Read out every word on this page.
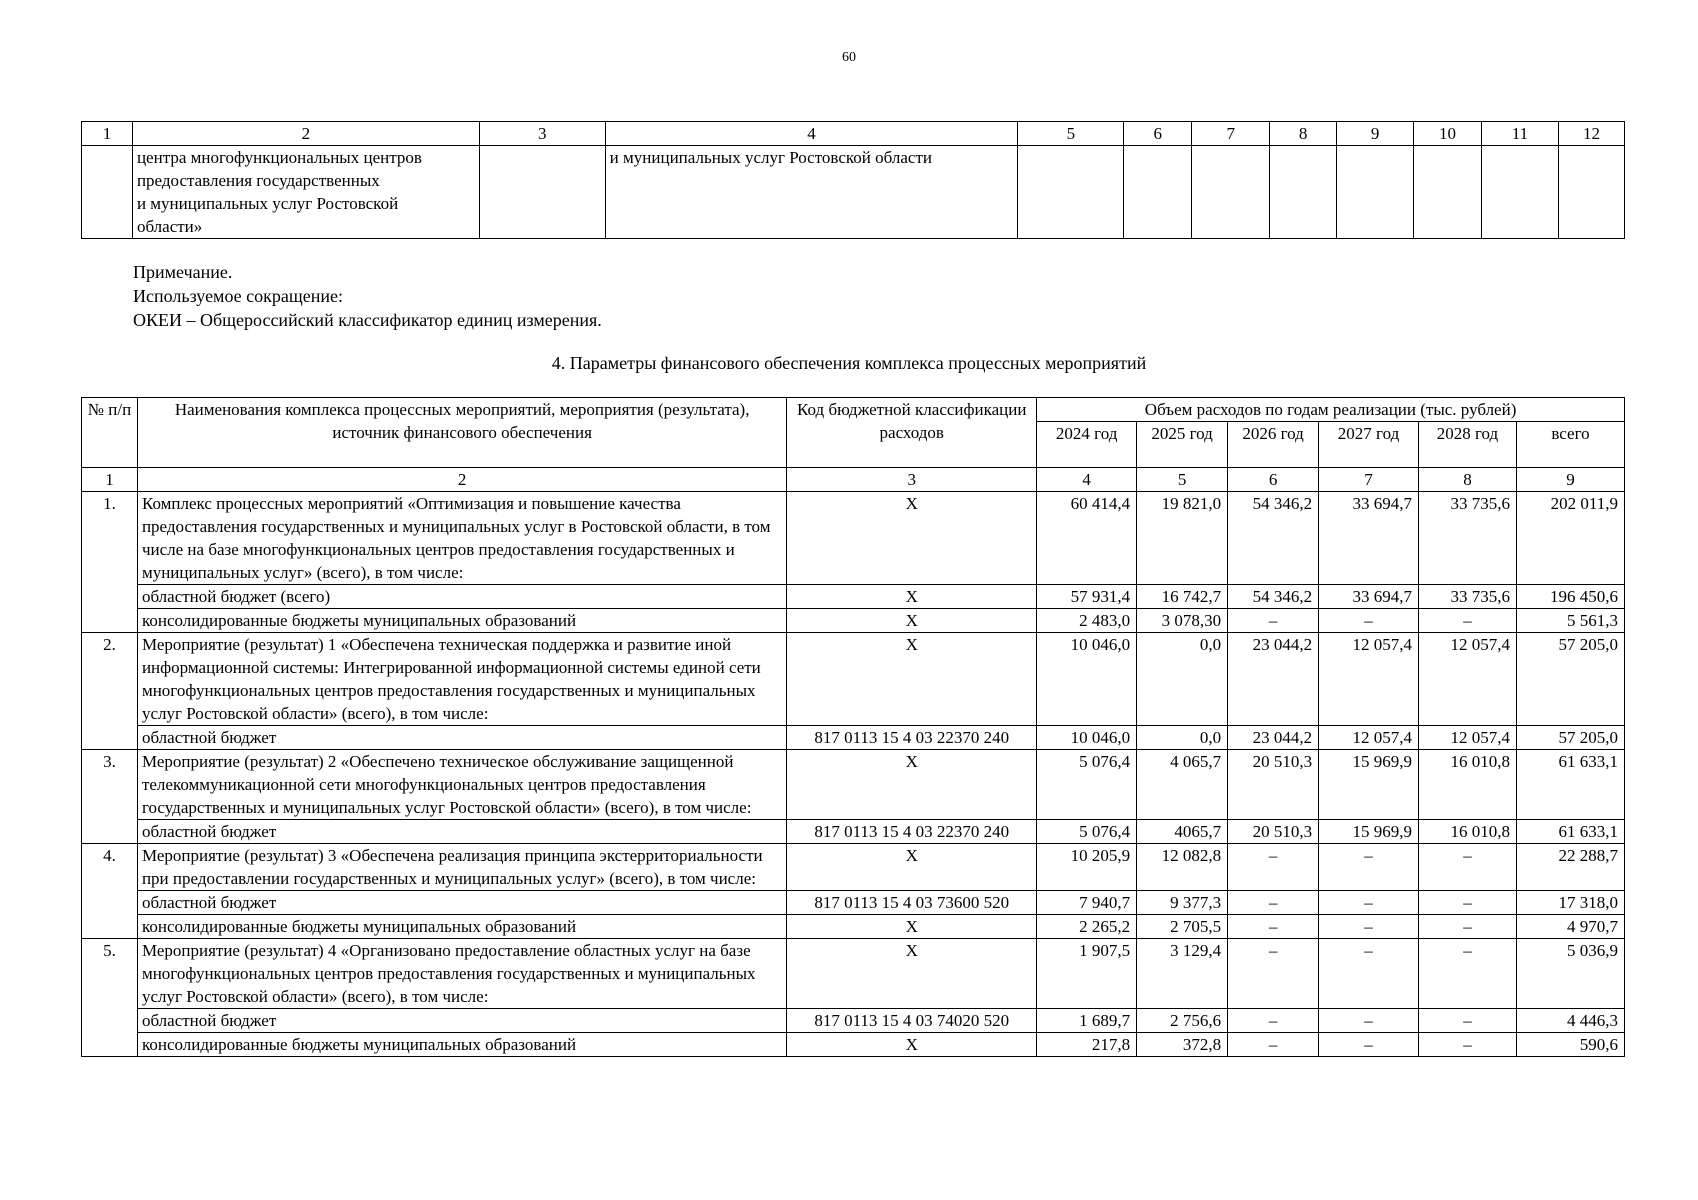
60
1	2	3	4	5	6	7	8	9	10	11	12

	центра многофункциональных центров
предоставления государственных
и муниципальных услуг Ростовской
области»		и муниципальных услуг Ростовской области								
Примечание.
Используемое сокращение:
ОКЕИ – Общероссийский классификатор единиц измерения.
4. Параметры финансового обеспечения комплекса процессных мероприятий
№ п/п	Наименования комплекса процессных мероприятий, мероприятия (результата), источник финансового обеспечения	Код бюджетной классификации расходов	Объем расходов по годам реализации (тыс. рублей)					
			2024 год	2025 год	2026 год	2027 год	2028 год	всего
1	2	3	4	5	6	7	8	9
1.	Комплекс процессных мероприятий «Оптимизация и повышение качества предоставления государственных и муниципальных услуг в Ростовской области, в том числе на базе многофункциональных центров предоставления государственных и муниципальных услуг» (всего), в том числе:	Х	60 414,4	19 821,0	54 346,2	33 694,7	33 735,6	202 011,9
	областной бюджет (всего)	Х	57 931,4	16 742,7	54 346,2	33 694,7	33 735,6	196 450,6
	консолидированные бюджеты муниципальных образований	Х	2 483,0	3 078,30	–	–	–	5 561,3
2.	Мероприятие (результат) 1 «Обеспечена техническая поддержка и развитие иной информационной системы: Интегрированной информационной системы единой сети многофункциональных центров предоставления государственных и муниципальных услуг Ростовской области» (всего), в том числе:	Х	10 046,0	0,0	23 044,2	12 057,4	12 057,4	57 205,0
	областной бюджет	817 0113 15 4 03 22370 240	10 046,0	0,0	23 044,2	12 057,4	12 057,4	57 205,0
3.	Мероприятие (результат) 2 «Обеспечено техническое обслуживание защищенной телекоммуникационной сети многофункциональных центров предоставления государственных и муниципальных услуг Ростовской области» (всего), в том числе:	Х	5 076,4	4 065,7	20 510,3	15 969,9	16 010,8	61 633,1
	областной бюджет	817 0113 15 4 03 22370 240	5 076,4	4065,7	20 510,3	15 969,9	16 010,8	61 633,1
4.	Мероприятие (результат) 3 «Обеспечена реализация принципа экстерриториальности при предоставлении государственных и муниципальных услуг» (всего), в том числе:	Х	10 205,9	12 082,8	–	–	–	22 288,7
	областной бюджет	817 0113 15 4 03 73600 520	7 940,7	9 377,3	–	–	–	17 318,0
	консолидированные бюджеты муниципальных образований	Х	2 265,2	2 705,5	–	–	–	4 970,7
5.	Мероприятие (результат) 4 «Организовано предоставление областных услуг на базе многофункциональных центров предоставления государственных и муниципальных услуг Ростовской области» (всего), в том числе:	Х	1 907,5	3 129,4	–	–	–	5 036,9
	областной бюджет	817 0113 15 4 03 74020 520	1 689,7	2 756,6	–	–	–	4 446,3
	консолидированные бюджеты муниципальных образований	Х	217,8	372,8	–	–	–	590,6
